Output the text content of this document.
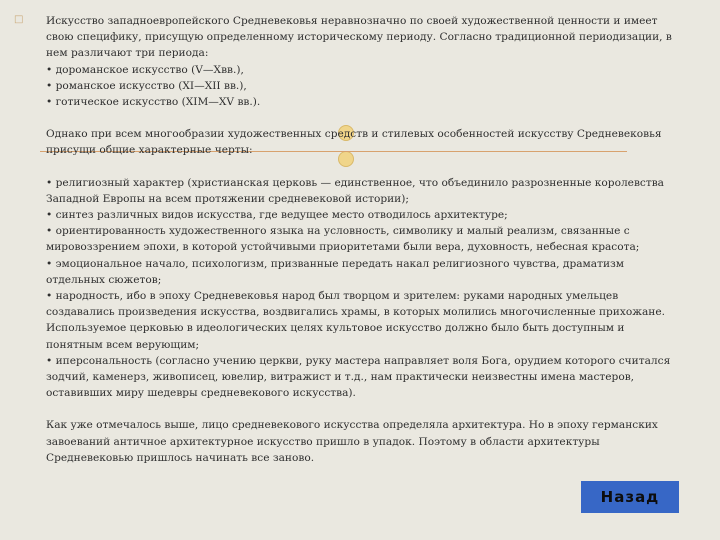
□ Искусство западноевропейского Средневековья неравнозначно по своей художественной ценности и имеет свою специфику, присущую определенному историческому периоду. Согласно традиционной периодизации, в нем различают три периода:

• дороманское искусство (V—Xвв.),

• романское искусство (XI—XII вв.),

• готическое искусство (XIM—XV вв.).

Однако при всем многообразии художественных средств и стилевых особенностей искусству Средневековья присущи общие характерные черты:

• религиозный характер (христианская церковь — единственное, что объединило разрозненные королевства Западной Европы на всем протяжении средневековой истории);

• синтез различных видов искусства, где ведущее место отводилось архитектуре;

• ориентированность художественного языка на условность, символику и малый реализм, связанные с мировоззрением эпохи, в которой устойчивыми приоритетами были вера, духовность, небесная красота;

• эмоциональное начало, психологизм, призванные передать накал религиозного чувства, драматизм отдельных сюжетов;

• народность, ибо в эпоху Средневековья народ был творцом и зрителем: руками народных умельцев создавались произведения искусства, воздвигались храмы, в которых молились многочисленные прихожане. Используемое церковью в идеологических целях культовое искусство должно было быть доступным и понятным всем верующим;

• иперсональность (согласно учению церкви, руку мастера направляет воля Бога, орудием которого считался зодчий, каменерз, живописец, ювелир, витражист и т.д., нам практически неизвестны имена мастеров, оставивших миру шедевры средневекового искусства).

Как уже отмечалось выше, лицо средневекового искусства определяла архитектура. Но в эпоху германских завоеваний античное архитектурное искусство пришло в упадок. Поэтому в области архитектуры Средневековью пришлось начинать все заново.

Назад
